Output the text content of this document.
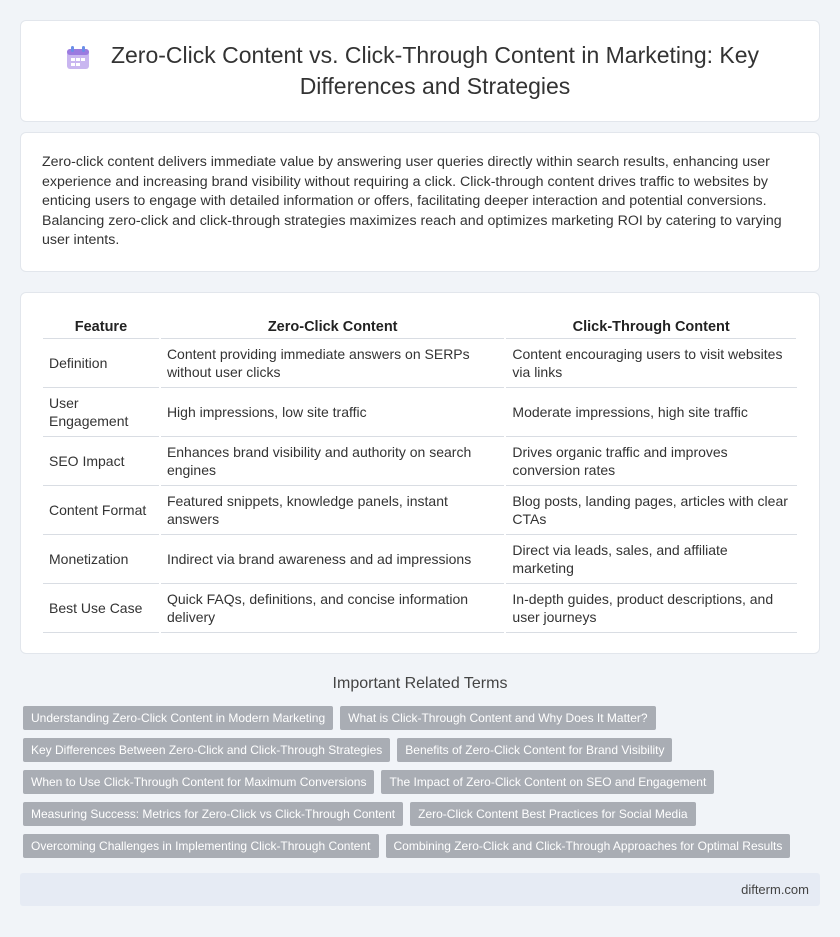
Zero-Click Content vs. Click-Through Content in Marketing: Key Differences and Strategies

Zero-click content delivers immediate value by answering user queries directly within search results, enhancing user experience and increasing brand visibility without requiring a click. Click-through content drives traffic to websites by enticing users to engage with detailed information or offers, facilitating deeper interaction and potential conversions. Balancing zero-click and click-through strategies maximizes reach and optimizes marketing ROI by catering to varying user intents.

Feature	Zero-Click Content	Click-Through Content
Definition	Content providing immediate answers on SERPs without user clicks	Content encouraging users to visit websites via links
User Engagement	High impressions, low site traffic	Moderate impressions, high site traffic
SEO Impact	Enhances brand visibility and authority on search engines	Drives organic traffic and improves conversion rates
Content Format	Featured snippets, knowledge panels, instant answers	Blog posts, landing pages, articles with clear CTAs
Monetization	Indirect via brand awareness and ad impressions	Direct via leads, sales, and affiliate marketing
Best Use Case	Quick FAQs, definitions, and concise information delivery	In-depth guides, product descriptions, and user journeys
Important Related Terms
Understanding Zero-Click Content in Modern Marketing	What is Click-Through Content and Why Does It Matter?
Key Differences Between Zero-Click and Click-Through Strategies	Benefits of Zero-Click Content for Brand Visibility
When to Use Click-Through Content for Maximum Conversions	The Impact of Zero-Click Content on SEO and Engagement
Measuring Success: Metrics for Zero-Click vs Click-Through Content	Zero-Click Content Best Practices for Social Media
Overcoming Challenges in Implementing Click-Through Content	Combining Zero-Click and Click-Through Approaches for Optimal Results
difterm.com
